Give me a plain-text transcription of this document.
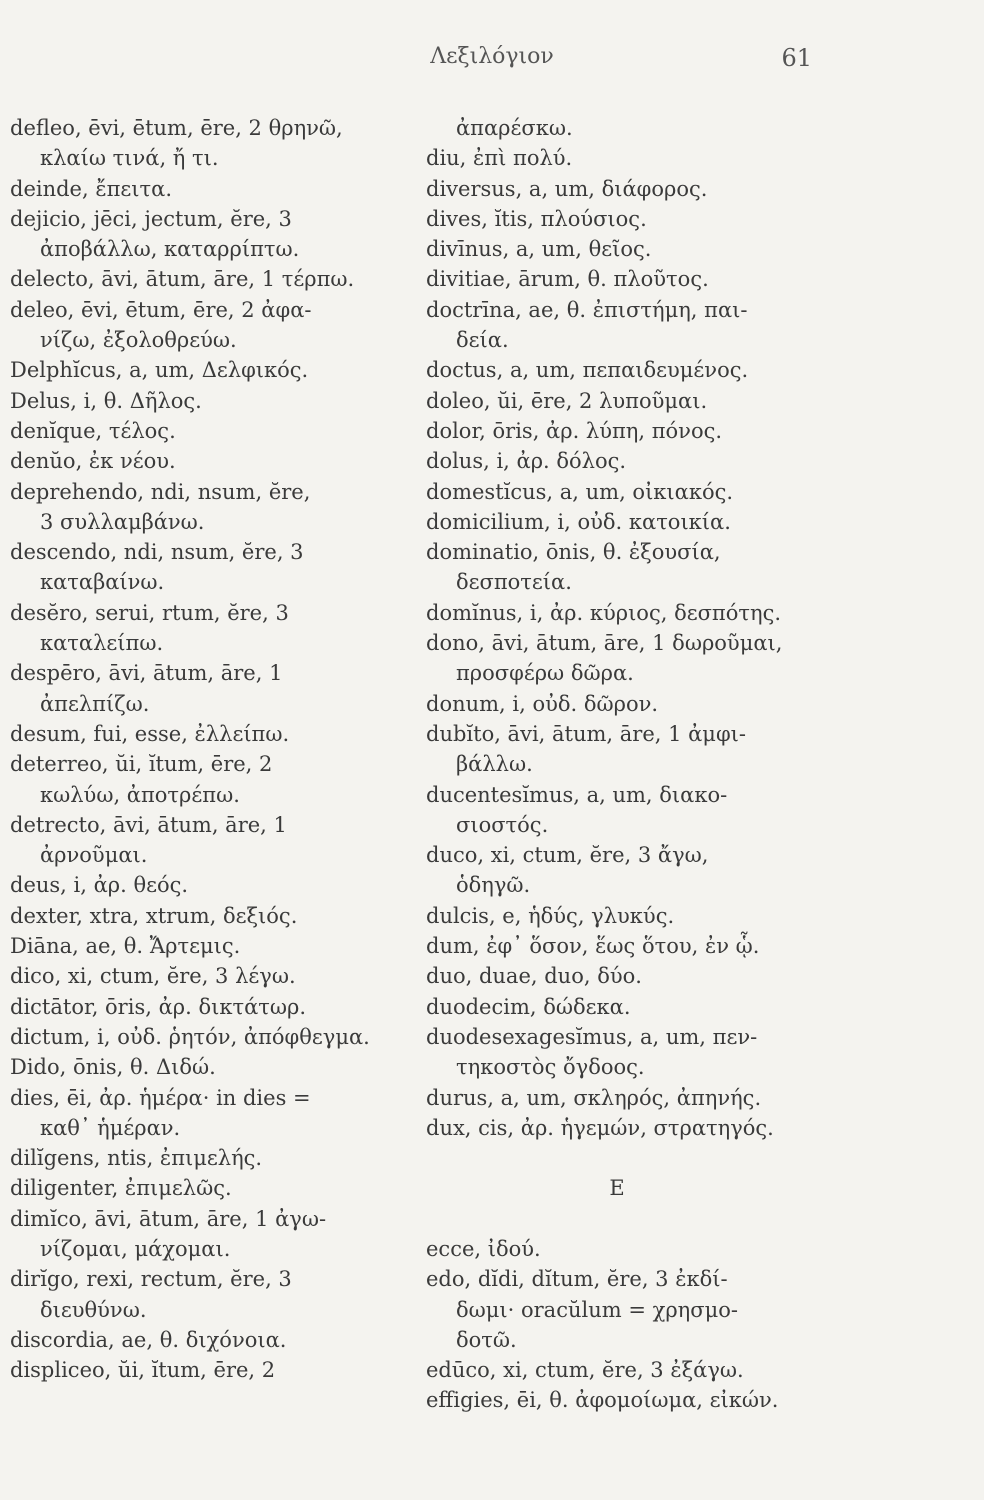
Λεξιλόγιον	61
defleo, ēvi, ētum, ēre, 2 θρηνῶ,
κλαίω τινά, ἤ τι.
deinde, ἔπειτα.
dejicio, jēci, jectum, ĕre, 3
ἀποβάλλω, καταρρίπτω.
delecto, āvi, ātum, āre, 1 τέρπω.
deleo, ēvi, ētum, ēre, 2 ἀφα-
νίζω, ἐξολοθρεύω.
Delphĭcus, a, um, Δελφικός.
Delus, i, θ. Δῆλος.
denĭque, τέλος.
denŭo, ἐκ νέου.
deprehendo, ndi, nsum, ĕre,
3 συλλαμβάνω.
descendo, ndi, nsum, ĕre, 3
καταβαίνω.
desĕro, serui, rtum, ĕre, 3
καταλείπω.
despēro, āvi, ātum, āre, 1
ἀπελπίζω.
desum, fui, esse, ἐλλείπω.
deterreo, ŭi, ĭtum, ēre, 2
κωλύω, ἀποτρέπω.
detrecto, āvi, ātum, āre, 1
ἀρνοῦμαι.
deus, i, ἀρ. θεός.
dexter, xtra, xtrum, δεξιός.
Diāna, ae, θ. Ἄρτεμις.
dico, xi, ctum, ĕre, 3 λέγω.
dictātor, ōris, ἀρ. δικτάτωρ.
dictum, i, οὐδ. ῥητόν, ἀπόφθεγμα.
Dido, ōnis, θ. Διδώ.
dies, ēi, ἀρ. ἡμέρα· in dies =
καθ᾽ ἡμέραν.
dilĭgens, ntis, ἐπιμελής.
diligenter, ἐπιμελῶς.
dimĭco, āvi, ātum, āre, 1 ἀγω-
νίζομαι, μάχομαι.
dirĭgo, rexi, rectum, ĕre, 3
διευθύνω.
discordia, ae, θ. διχόνοια.
displiceo, ŭi, ĭtum, ēre, 2
ἀπαρέσκω.
diu, ἐπὶ πολύ.
diversus, a, um, διάφορος.
dives, ĭtis, πλούσιος.
divīnus, a, um, θεῖος.
divitiae, ārum, θ. πλοῦτος.
doctrīna, ae, θ. ἐπιστήμη, παι-
δεία.
doctus, a, um, πεπαιδευμένος.
doleo, ŭi, ēre, 2 λυποῦμαι.
dolor, ōris, ἀρ. λύπη, πόνος.
dolus, i, ἀρ. δόλος.
domestĭcus, a, um, οἰκιακός.
domicilium, i, οὐδ. κατοικία.
dominatio, ōnis, θ. ἐξουσία,
δεσποτεία.
domĭnus, i, ἀρ. κύριος, δεσπότης.
dono, āvi, ātum, āre, 1 δωροῦμαι,
προσφέρω δῶρα.
donum, i, οὐδ. δῶρον.
dubĭto, āvi, ātum, āre, 1 ἀμφι-
βάλλω.
ducentesĭmus, a, um, διακο-
σιοστός.
duco, xi, ctum, ĕre, 3 ἄγω,
ὁδηγῶ.
dulcis, e, ἡδύς, γλυκύς.
dum, ἐφ᾽ ὅσον, ἕως ὅτου, ἐν ᾧ.
duo, duae, duo, δύο.
duodecim, δώδεκα.
duodesexagesĭmus, a, um, πεν-
τηκοστὸς ὄγδοος.
durus, a, um, σκληρός, ἀπηνής.
dux, cis, ἀρ. ἡγεμών, στρατηγός.
E
ecce, ἰδού.
edo, dĭdi, dĭtum, ĕre, 3 ἐκδί-
δωμι· oracŭlum = χρησμο-
δοτῶ.
edūco, xi, ctum, ĕre, 3 ἐξάγω.
effigies, ēi, θ. ἀφομοίωμα, εἰκών.
